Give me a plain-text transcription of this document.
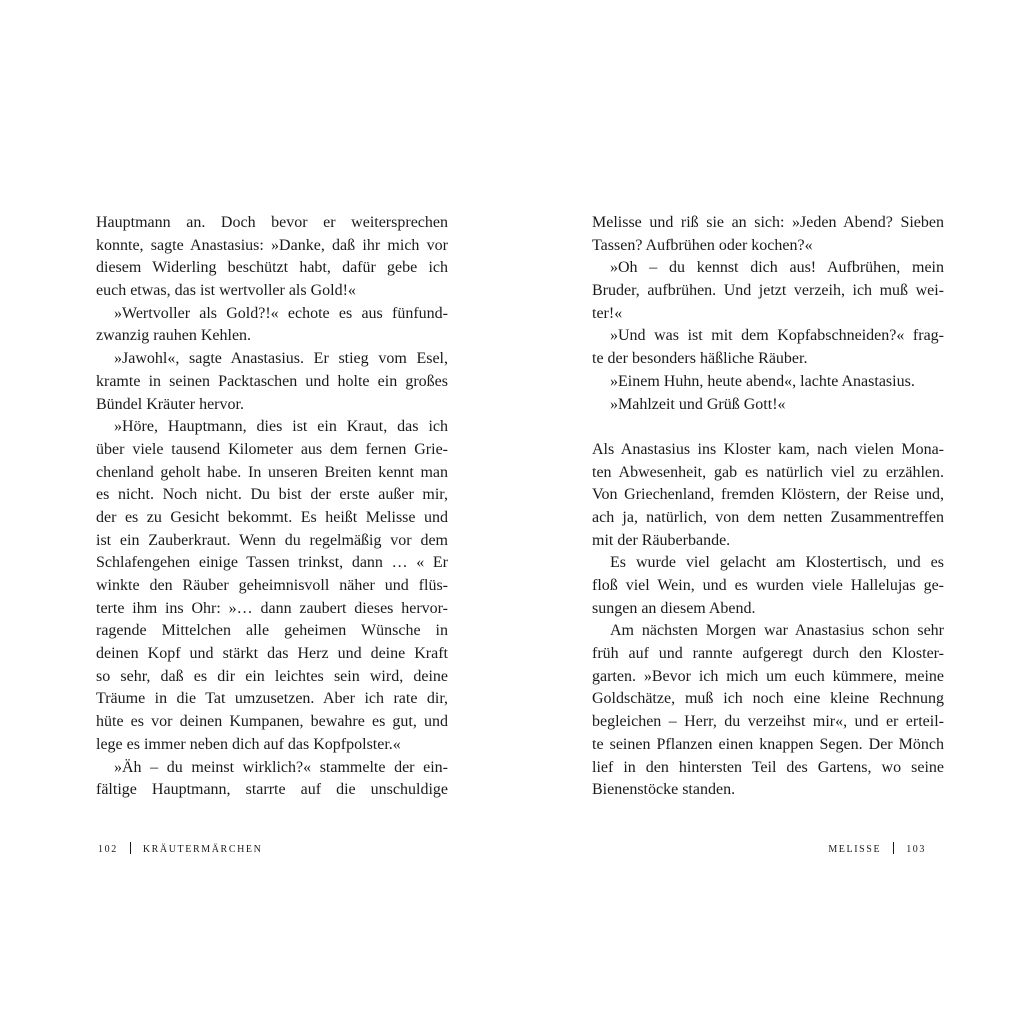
Hauptmann an. Doch bevor er weitersprechen
konnte, sagte Anastasius: »Danke, daß ihr mich vor
diesem Widerling beschützt habt, dafür gebe ich
euch etwas, das ist wertvoller als Gold!«
»Wertvoller als Gold?!« echote es aus fünfund-
zwanzig rauhen Kehlen.
»Jawohl«, sagte Anastasius. Er stieg vom Esel,
kramte in seinen Packtaschen und holte ein großes
Bündel Kräuter hervor.
»Höre, Hauptmann, dies ist ein Kraut, das ich
über viele tausend Kilometer aus dem fernen Grie-
chenland geholt habe. In unseren Breiten kennt man
es nicht. Noch nicht. Du bist der erste außer mir,
der es zu Gesicht bekommt. Es heißt Melisse und
ist ein Zauberkraut. Wenn du regelmäßig vor dem
Schlafengehen einige Tassen trinkst, dann … « Er
winkte den Räuber geheimnisvoll näher und flüs-
terte ihm ins Ohr: »… dann zaubert dieses hervor-
ragende Mittelchen alle geheimen Wünsche in
deinen Kopf und stärkt das Herz und deine Kraft
so sehr, daß es dir ein leichtes sein wird, deine
Träume in die Tat umzusetzen. Aber ich rate dir,
hüte es vor deinen Kumpanen, bewahre es gut, und
lege es immer neben dich auf das Kopfpolster.«
»Äh – du meinst wirklich?« stammelte der ein-
fältige Hauptmann, starrte auf die unschuldige
Melisse und riß sie an sich: »Jeden Abend? Sieben
Tassen? Aufbrühen oder kochen?«
»Oh – du kennst dich aus! Aufbrühen, mein
Bruder, aufbrühen. Und jetzt verzeih, ich muß wei-
ter!«
»Und was ist mit dem Kopfabschneiden?« frag-
te der besonders häßliche Räuber.
»Einem Huhn, heute abend«, lachte Anastasius.
»Mahlzeit und Grüß Gott!«
Als Anastasius ins Kloster kam, nach vielen Mona-
ten Abwesenheit, gab es natürlich viel zu erzählen.
Von Griechenland, fremden Klöstern, der Reise und,
ach ja, natürlich, von dem netten Zusammentreffen
mit der Räuberbande.
Es wurde viel gelacht am Klostertisch, und es
floß viel Wein, und es wurden viele Hallelujas ge-
sungen an diesem Abend.
Am nächsten Morgen war Anastasius schon sehr
früh auf und rannte aufgeregt durch den Kloster-
garten. »Bevor ich mich um euch kümmere, meine
Goldschätze, muß ich noch eine kleine Rechnung
begleichen – Herr, du verzeihst mir«, und er erteil-
te seinen Pflanzen einen knappen Segen. Der Mönch
lief in den hintersten Teil des Gartens, wo seine
Bienenstöcke standen.
102	KRÄUTERMÄRCHEN	MELISSE	103
